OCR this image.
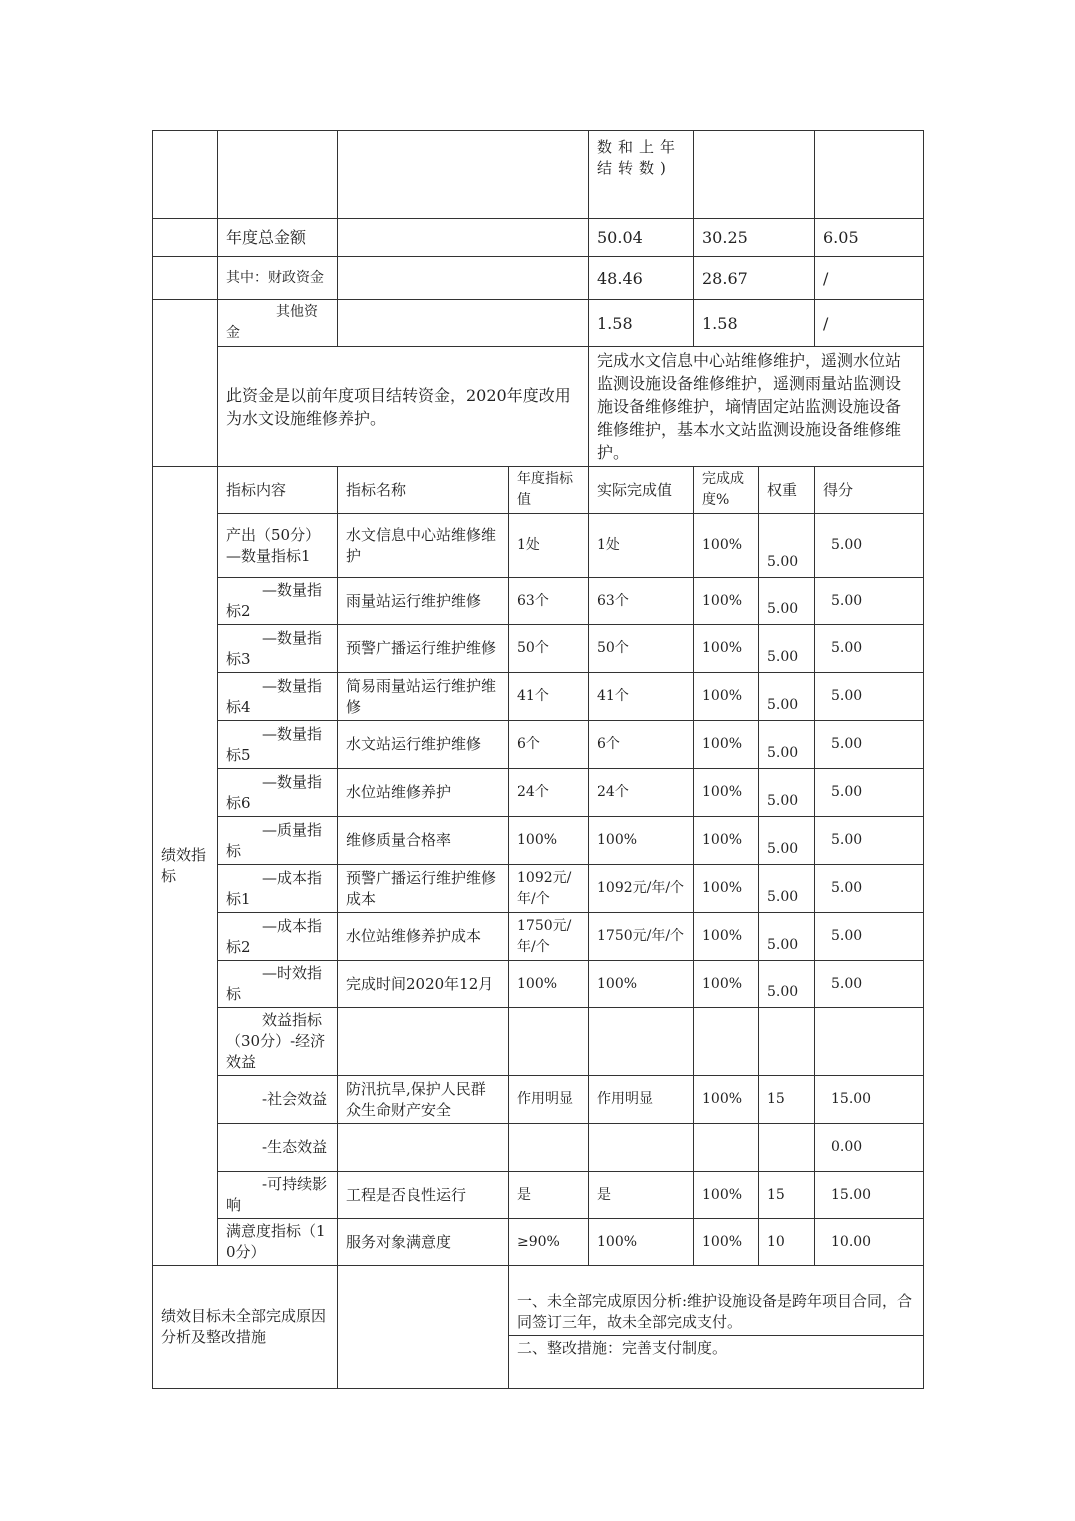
				数和上年结转数)			
	年度总金额			50.04	30.25		6.05
	其中：财政资金			48.46	28.67		/
	其他资金			1.58	1.58		/
	此资金是以前年度项目结转资金，2020年度改用为水文设施维修养护。			完成水文信息中心站维修维护，遥测水位站监测设施设备维修维护，遥测雨量站监测设施设备维修维护，墒情固定站监测设施设备维修维护，基本水文站监测设施设备维修维护。			
绩效指标	指标内容	指标名称	年度指标值	实际完成值	完成成度%	权重	得分
	产出（50分）—数量指标1	水文信息中心站维修维护	1处	1处	100%	5.00	5.00
	—数量指标2	雨量站运行维护维修	63个	63个	100%	5.00	5.00
	—数量指标3	预警广播运行维护维修	50个	50个	100%	5.00	5.00
	—数量指标4	简易雨量站运行维护维修	41个	41个	100%	5.00	5.00
	—数量指标5	水文站运行维护维修	6个	6个	100%	5.00	5.00
	—数量指标6	水位站维修养护	24个	24个	100%	5.00	5.00
	—质量指标	维修质量合格率	100%	100%	100%	5.00	5.00
	—成本指标1	预警广播运行维护维修成本	1092元/年/个	1092元/年/个	100%	5.00	5.00
	—成本指标2	水位站维修养护成本	1750元/年/个	1750元/年/个	100%	5.00	5.00
	—时效指标	完成时间2020年12月	100%	100%	100%	5.00	5.00
	效益指标（30分）-经济效益						
	-社会效益	防汛抗旱,保护人民群众生命财产安全	作用明显	作用明显	100%	15	15.00
	-生态效益						0.00
	-可持续影响	工程是否良性运行	是	是	100%	15	15.00
	满意度指标（10分）	服务对象满意度	≥90%	100%	100%	10	10.00
绩效目标未全部完成原因分析及整改措施			一、未全部完成原因分析:维护设施设备是跨年项目合同，合同签订三年，故未全部完成支付。				
			二、整改措施：完善支付制度。				
